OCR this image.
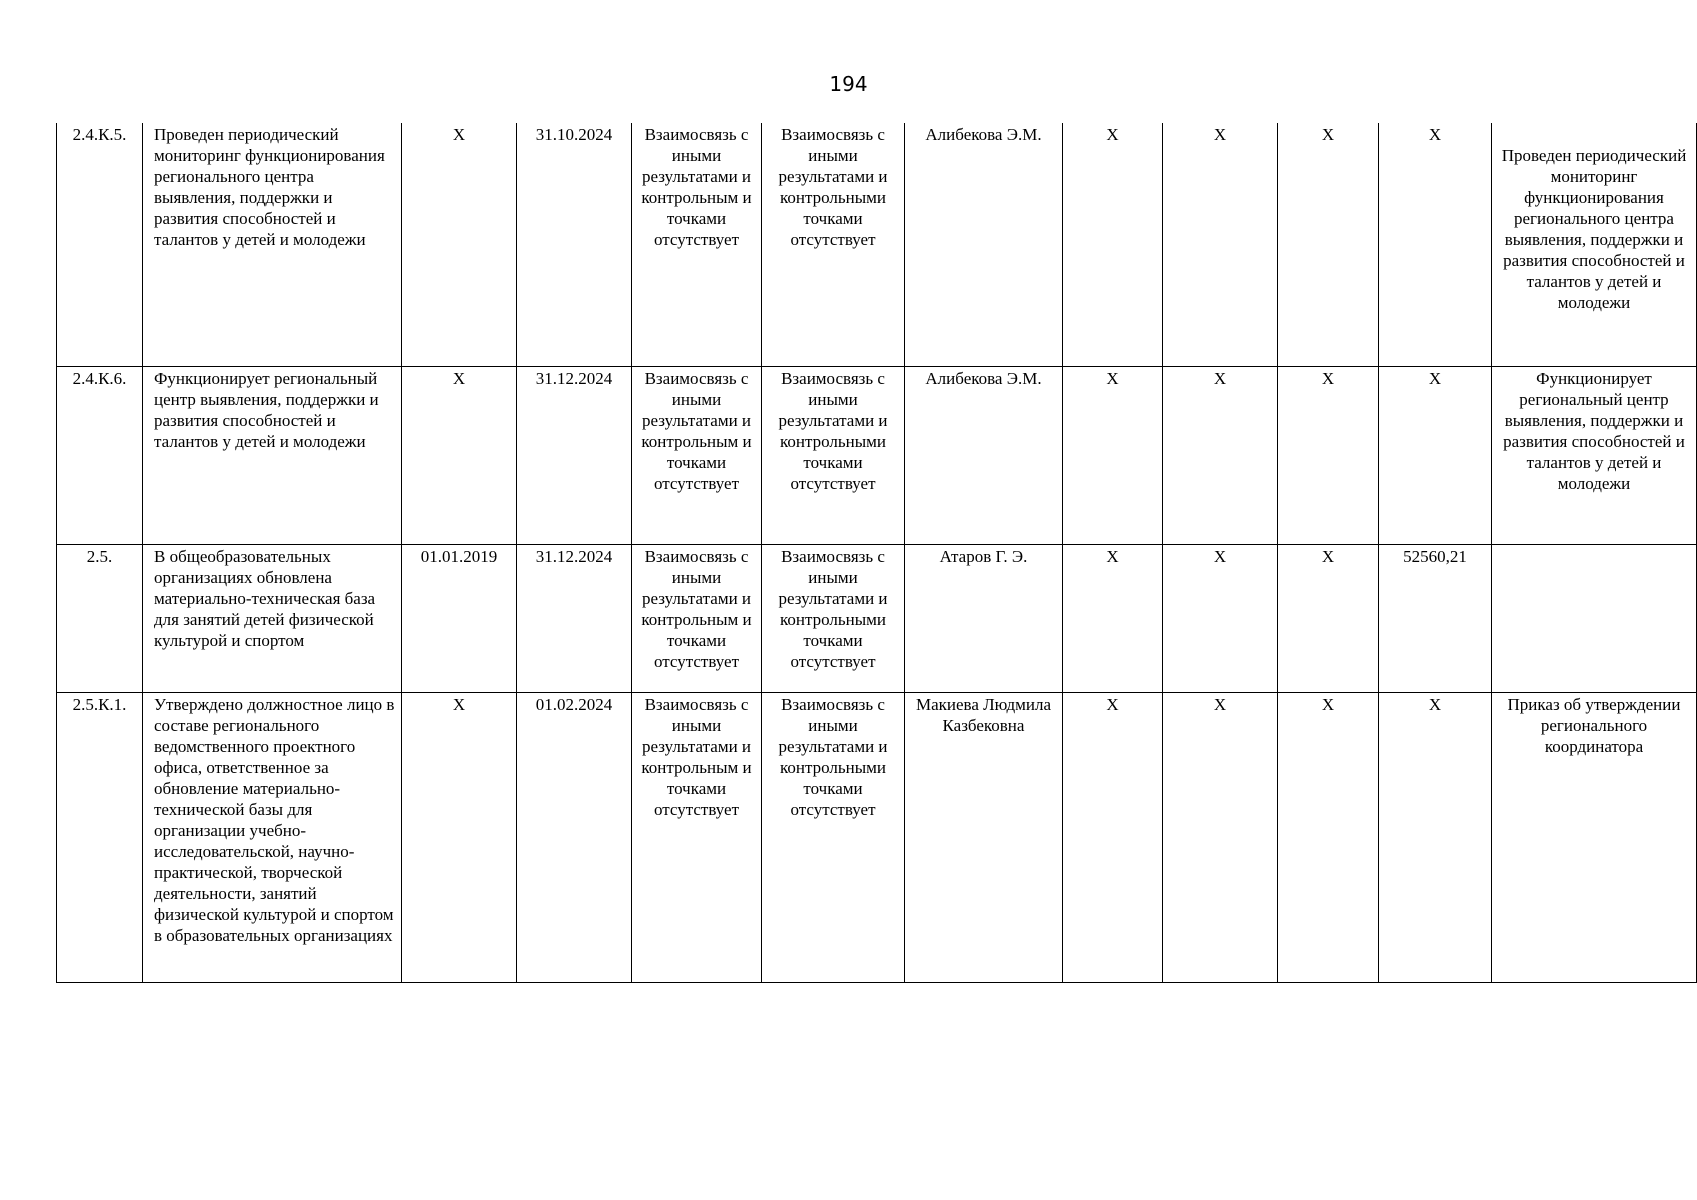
194
2.4.К.5.	Проведен периодический мониторинг функционирования регионального центра выявления, поддержки и развития способностей и талантов у детей и молодежи	Х	31.10.2024	Взаимосвязь с иными результатами и контрольным и точками отсутствует	Взаимосвязь с иными результатами и контрольными точками отсутствует	Алибекова Э.М.	Х	Х	Х	Х	Проведен периодический мониторинг функционирования регионального центра выявления, поддержки и развития способностей и талантов у детей и молодежи
2.4.К.6.	Функционирует региональный центр выявления, поддержки и развития способностей и талантов у детей и молодежи	Х	31.12.2024	Взаимосвязь с иными результатами и контрольным и точками отсутствует	Взаимосвязь с иными результатами и контрольными точками отсутствует	Алибекова Э.М.	Х	Х	Х	Х	Функционирует региональный центр выявления, поддержки и развития способностей и талантов у детей и молодежи
2.5.	В общеобразовательных организациях обновлена материально-техническая база для занятий детей физической культурой и спортом	01.01.2019	31.12.2024	Взаимосвязь с иными результатами и контрольным и точками отсутствует	Взаимосвязь с иными результатами и контрольными точками отсутствует	Атаров Г. Э.	Х	Х	Х	52560,21	
2.5.К.1.	Утверждено должностное лицо в составе регионального ведомственного проектного офиса, ответственное за обновление материально-технической базы для организации учебно-исследовательской, научно-практической, творческой деятельности, занятий физической культурой и спортом в образовательных организациях	Х	01.02.2024	Взаимосвязь с иными результатами и контрольным и точками отсутствует	Взаимосвязь с иными результатами и контрольными точками отсутствует	Макиева Людмила Казбековна	Х	Х	Х	Х	Приказ об утверждении регионального координатора
